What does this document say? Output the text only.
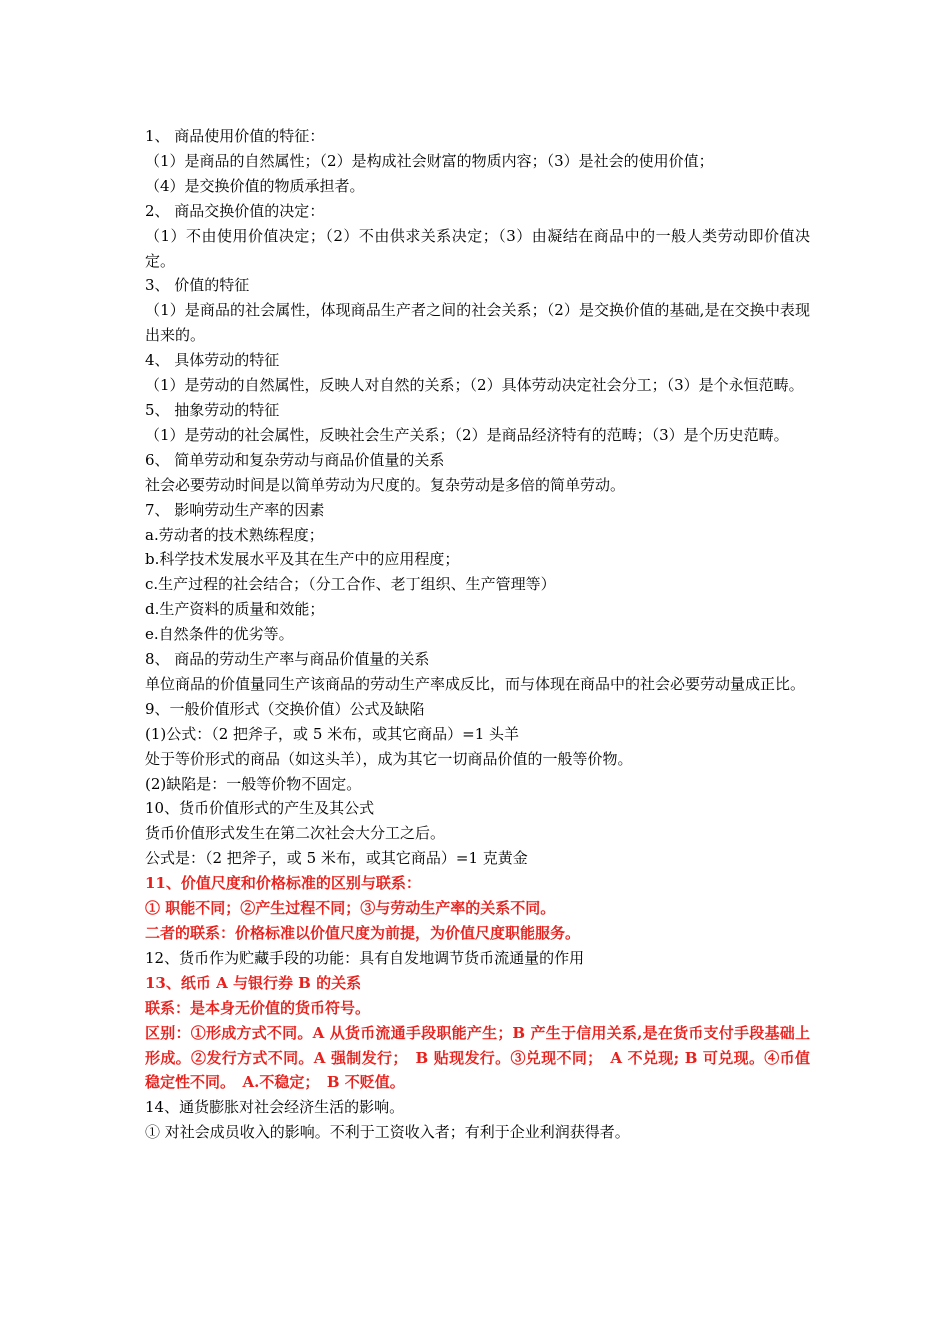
1、 商品使用价值的特征：

（1）是商品的自然属性；（2）是构成社会财富的物质内容；（3）是社会的使用价值；

（4）是交换价值的物质承担者。

2、 商品交换价值的决定：

（1）不由使用价值决定；（2）不由供求关系决定；（3）由凝结在商品中的一般人类劳动即价值决定。

3、 价值的特征

（1）是商品的社会属性，体现商品生产者之间的社会关系；（2）是交换价值的基础,是在交换中表现出来的。

4、 具体劳动的特征

（1）是劳动的自然属性，反映人对自然的关系；（2）具体劳动决定社会分工；（3）是个永恒范畴。

5、 抽象劳动的特征

（1）是劳动的社会属性，反映社会生产关系；（2）是商品经济特有的范畴；（3）是个历史范畴。

6、 简单劳动和复杂劳动与商品价值量的关系

社会必要劳动时间是以简单劳动为尺度的。复杂劳动是多倍的简单劳动。

7、 影响劳动生产率的因素

a.劳动者的技术熟练程度；

b.科学技术发展水平及其在生产中的应用程度；

c.生产过程的社会结合；（分工合作、老丁组织、生产管理等）

d.生产资料的质量和效能；

e.自然条件的优劣等。

8、 商品的劳动生产率与商品价值量的关系

单位商品的价值量同生产该商品的劳动生产率成反比，而与体现在商品中的社会必要劳动量成正比。

9、一般价值形式（交换价值）公式及缺陷

(1)公式：（2 把斧子，或 5 米布，或其它商品）=1 头羊

处于等价形式的商品（如这头羊），成为其它一切商品价值的一般等价物。

(2)缺陷是：一般等价物不固定。

10、货币价值形式的产生及其公式

货币价值形式发生在第二次社会大分工之后。

公式是：（2 把斧子，或 5 米布，或其它商品）=1 克黄金

11、价值尺度和价格标准的区别与联系：

① 职能不同；②产生过程不同；③与劳动生产率的关系不同。

二者的联系：价格标准以价值尺度为前提，为价值尺度职能服务。

12、货币作为贮藏手段的功能：具有自发地调节货币流通量的作用

13、纸币 A 与银行券 B 的关系

联系：是本身无价值的货币符号。

区别：①形成方式不同。A 从货币流通手段职能产生；B 产生于信用关系,是在货币支付手段基础上形成。②发行方式不同。A 强制发行；　B 贴现发行。③兑现不同；　A 不兑现; B 可兑现。④币值稳定性不同。　A.不稳定；　B 不贬值。

14、通货膨胀对社会经济生活的影响。

① 对社会成员收入的影响。不利于工资收入者；有利于企业利润获得者。
